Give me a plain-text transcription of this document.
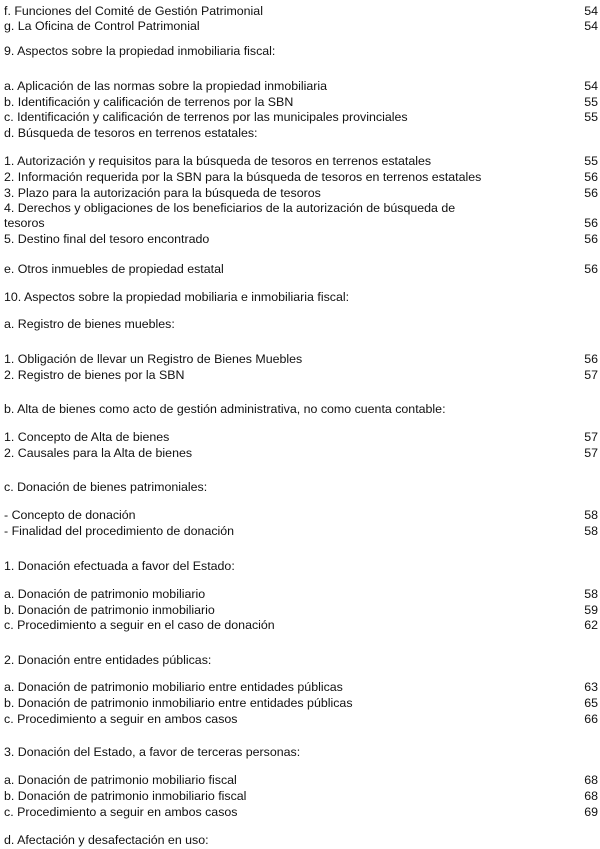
f. Funciones del Comité de Gestión Patrimonial	54
g. La Oficina de Control Patrimonial	54
9. Aspectos sobre la propiedad inmobiliaria fiscal:
a. Aplicación de las normas sobre la propiedad inmobiliaria	54
b. Identificación y calificación de terrenos por la SBN	55
c. Identificación y calificación de terrenos por las municipales provinciales	55
d. Búsqueda de tesoros en terrenos estatales:
1. Autorización y requisitos para la búsqueda de tesoros en terrenos estatales	55
2. Información requerida por la SBN para la búsqueda de tesoros en terrenos estatales	56
3. Plazo para la autorización para la búsqueda de tesoros	56
4. Derechos y obligaciones de los beneficiarios de la autorización de búsqueda de
tesoros	56
5. Destino final del tesoro encontrado	56
e. Otros inmuebles de propiedad estatal	56
10. Aspectos sobre la propiedad mobiliaria e inmobiliaria fiscal:
a. Registro de bienes muebles:
1. Obligación de llevar un Registro de Bienes Muebles	56
2. Registro de bienes por la SBN	57
b. Alta de bienes como acto de gestión administrativa, no como cuenta contable:
1. Concepto de Alta de bienes	57
2. Causales para la Alta de bienes	57
c. Donación de bienes patrimoniales:
- Concepto de donación	58
- Finalidad del procedimiento de donación	58
1. Donación efectuada a favor del Estado:
a. Donación de patrimonio mobiliario	58
b. Donación de patrimonio inmobiliario	59
c. Procedimiento a seguir en el caso de donación	62
2. Donación entre entidades públicas:
a. Donación de patrimonio mobiliario entre entidades públicas	63
b. Donación de patrimonio inmobiliario entre entidades públicas	65
c. Procedimiento a seguir en ambos casos	66
3. Donación del Estado, a favor de terceras personas:
a. Donación de patrimonio mobiliario fiscal	68
b. Donación de patrimonio inmobiliario fiscal	68
c. Procedimiento a seguir en ambos casos	69
d. Afectación y desafectación en uso:
